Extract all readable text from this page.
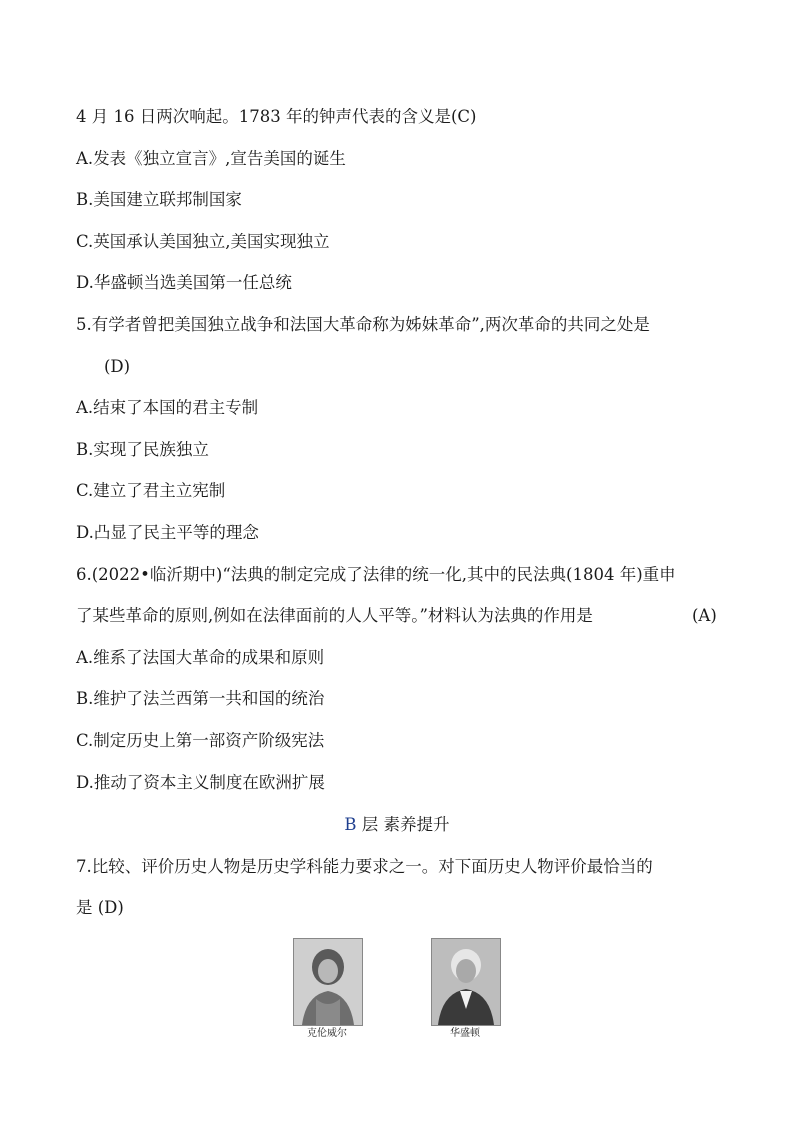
4 月 16 日两次响起。1783 年的钟声代表的含义是(C)
A.发表《独立宣言》,宣告美国的诞生
B.美国建立联邦制国家
C.英国承认美国独立,美国实现独立
D.华盛顿当选美国第一任总统
5.有学者曾把美国独立战争和法国大革命称为姊妹革命”,两次革命的共同之处是
(D)
A.结束了本国的君主专制
B.实现了民族独立
C.建立了君主立宪制
D.凸显了民主平等的理念
6.(2022•临沂期中)“法典的制定完成了法律的统一化,其中的民法典(1804 年)重申
了某些革命的原则,例如在法律面前的人人平等。”材料认为法典的作用是	(A)
A.维系了法国大革命的成果和原则
B.维护了法兰西第一共和国的统治
C.制定历史上第一部资产阶级宪法
D.推动了资本主义制度在欧洲扩展
B 层 素养提升
7.比较、评价历史人物是历史学科能力要求之一。对下面历史人物评价最恰当的
是 (D)
克伦威尔	华盛顿
